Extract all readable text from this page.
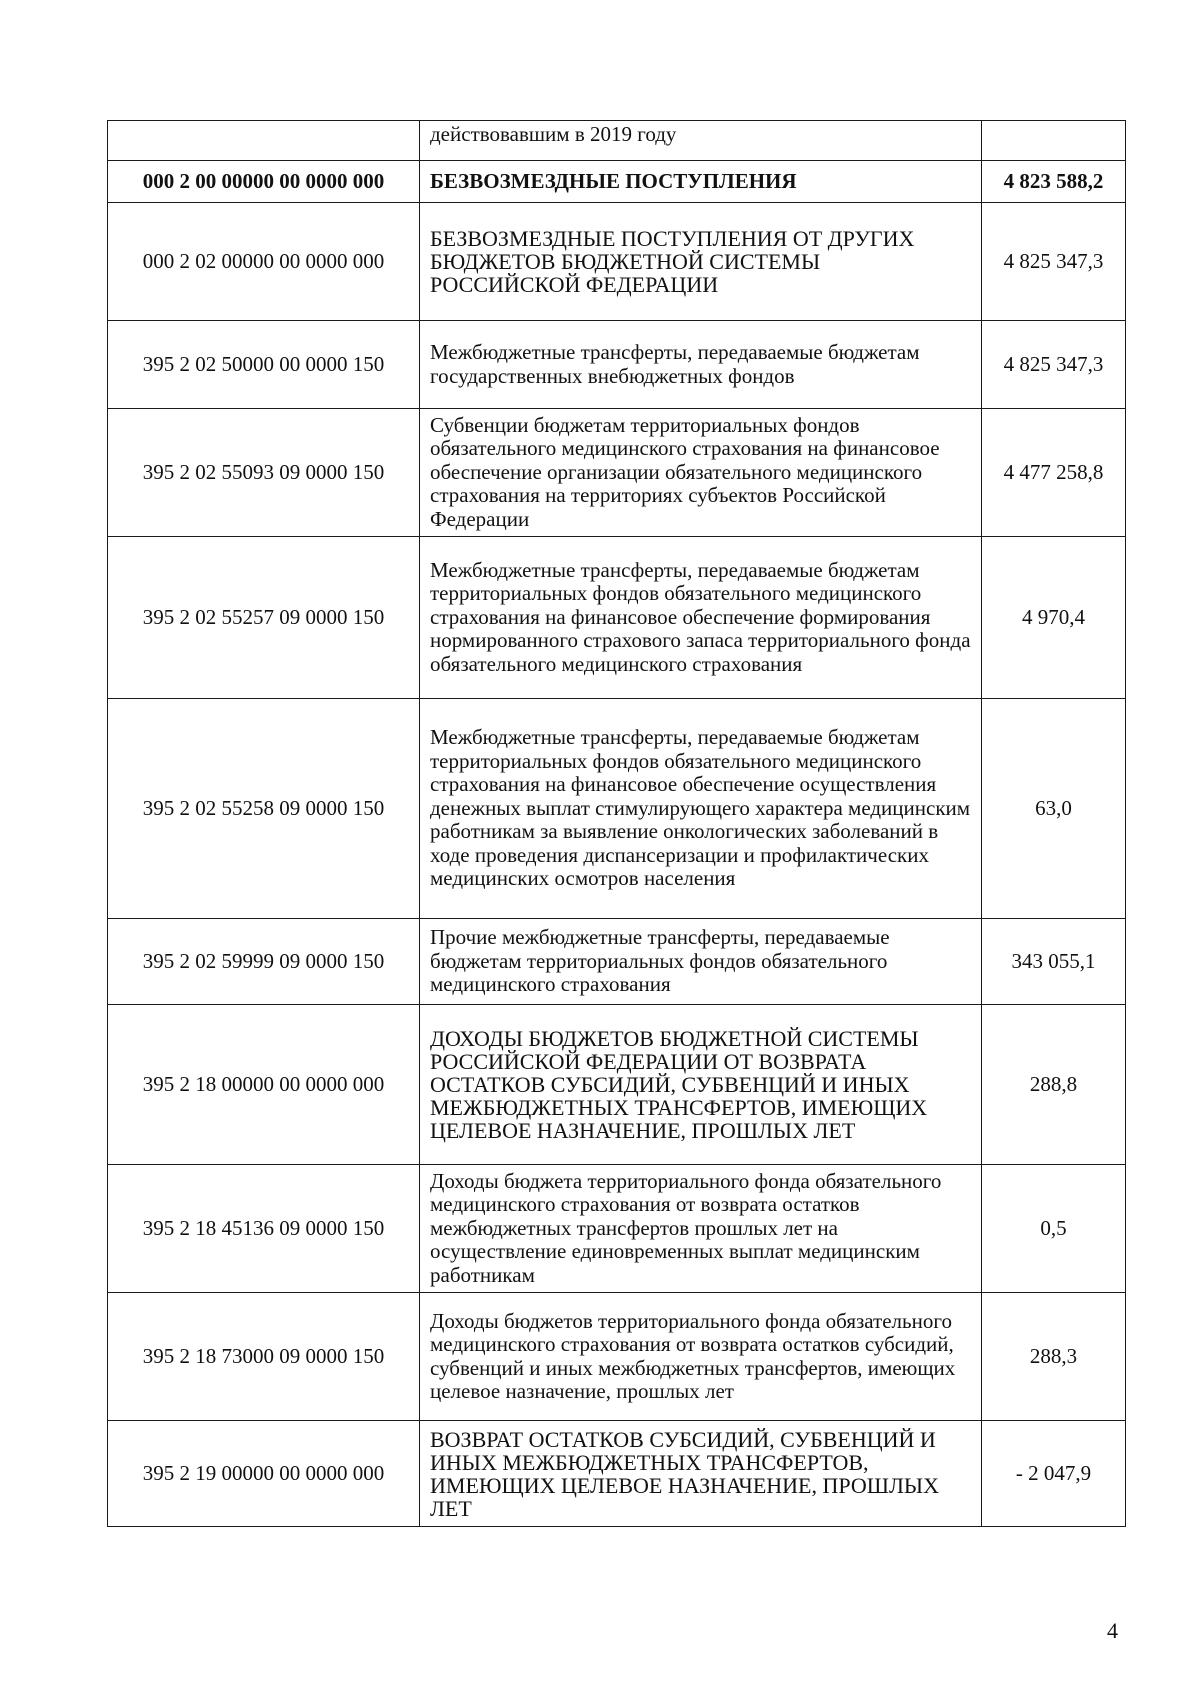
	действовавшим в 2019 году	
000 2 00 00000 00 0000 000	БЕЗВОЗМЕЗДНЫЕ ПОСТУПЛЕНИЯ	4 823 588,2
000 2 02 00000 00 0000 000	БЕЗВОЗМЕЗДНЫЕ ПОСТУПЛЕНИЯ ОТ ДРУГИХ БЮДЖЕТОВ БЮДЖЕТНОЙ СИСТЕМЫ РОССИЙСКОЙ ФЕДЕРАЦИИ	4 825 347,3
395 2 02 50000 00 0000 150	Межбюджетные трансферты, передаваемые бюджетам государственных внебюджетных фондов	4 825 347,3
395 2 02 55093 09 0000 150	Субвенции бюджетам территориальных фондов обязательного медицинского страхования на финансовое обеспечение организации обязательного медицинского страхования на территориях субъектов Российской Федерации	4 477 258,8
395 2 02 55257 09 0000 150	Межбюджетные трансферты, передаваемые бюджетам территориальных фондов обязательного медицинского страхования на финансовое обеспечение формирования нормированного страхового запаса территориального фонда обязательного медицинского страхования	4 970,4
395 2 02 55258 09 0000 150	Межбюджетные трансферты, передаваемые бюджетам территориальных фондов обязательного медицинского страхования на финансовое обеспечение осуществления денежных выплат стимулирующего характера медицинским работникам за выявление онкологических заболеваний в ходе проведения диспансеризации и профилактических медицинских осмотров населения	63,0
395 2 02 59999 09 0000 150	Прочие межбюджетные трансферты, передаваемые бюджетам территориальных фондов обязательного медицинского страхования	343 055,1
395 2 18 00000 00 0000 000	ДОХОДЫ БЮДЖЕТОВ БЮДЖЕТНОЙ СИСТЕМЫ РОССИЙСКОЙ ФЕДЕРАЦИИ ОТ ВОЗВРАТА ОСТАТКОВ СУБСИДИЙ, СУБВЕНЦИЙ И ИНЫХ МЕЖБЮДЖЕТНЫХ ТРАНСФЕРТОВ, ИМЕЮЩИХ ЦЕЛЕВОЕ НАЗНАЧЕНИЕ, ПРОШЛЫХ ЛЕТ	288,8
395 2 18 45136 09 0000 150	Доходы бюджета территориального фонда обязательного медицинского страхования от возврата остатков межбюджетных трансфертов прошлых лет на осуществление единовременных выплат медицинским работникам	0,5
395 2 18 73000 09 0000 150	Доходы бюджетов территориального фонда обязательного медицинского страхования от возврата остатков субсидий, субвенций и иных межбюджетных трансфертов, имеющих целевое назначение, прошлых лет	288,3
395 2 19 00000 00 0000 000	ВОЗВРАТ ОСТАТКОВ СУБСИДИЙ, СУБВЕНЦИЙ И ИНЫХ МЕЖБЮДЖЕТНЫХ ТРАНСФЕРТОВ, ИМЕЮЩИХ ЦЕЛЕВОЕ НАЗНАЧЕНИЕ, ПРОШЛЫХ ЛЕТ	- 2 047,9
4
